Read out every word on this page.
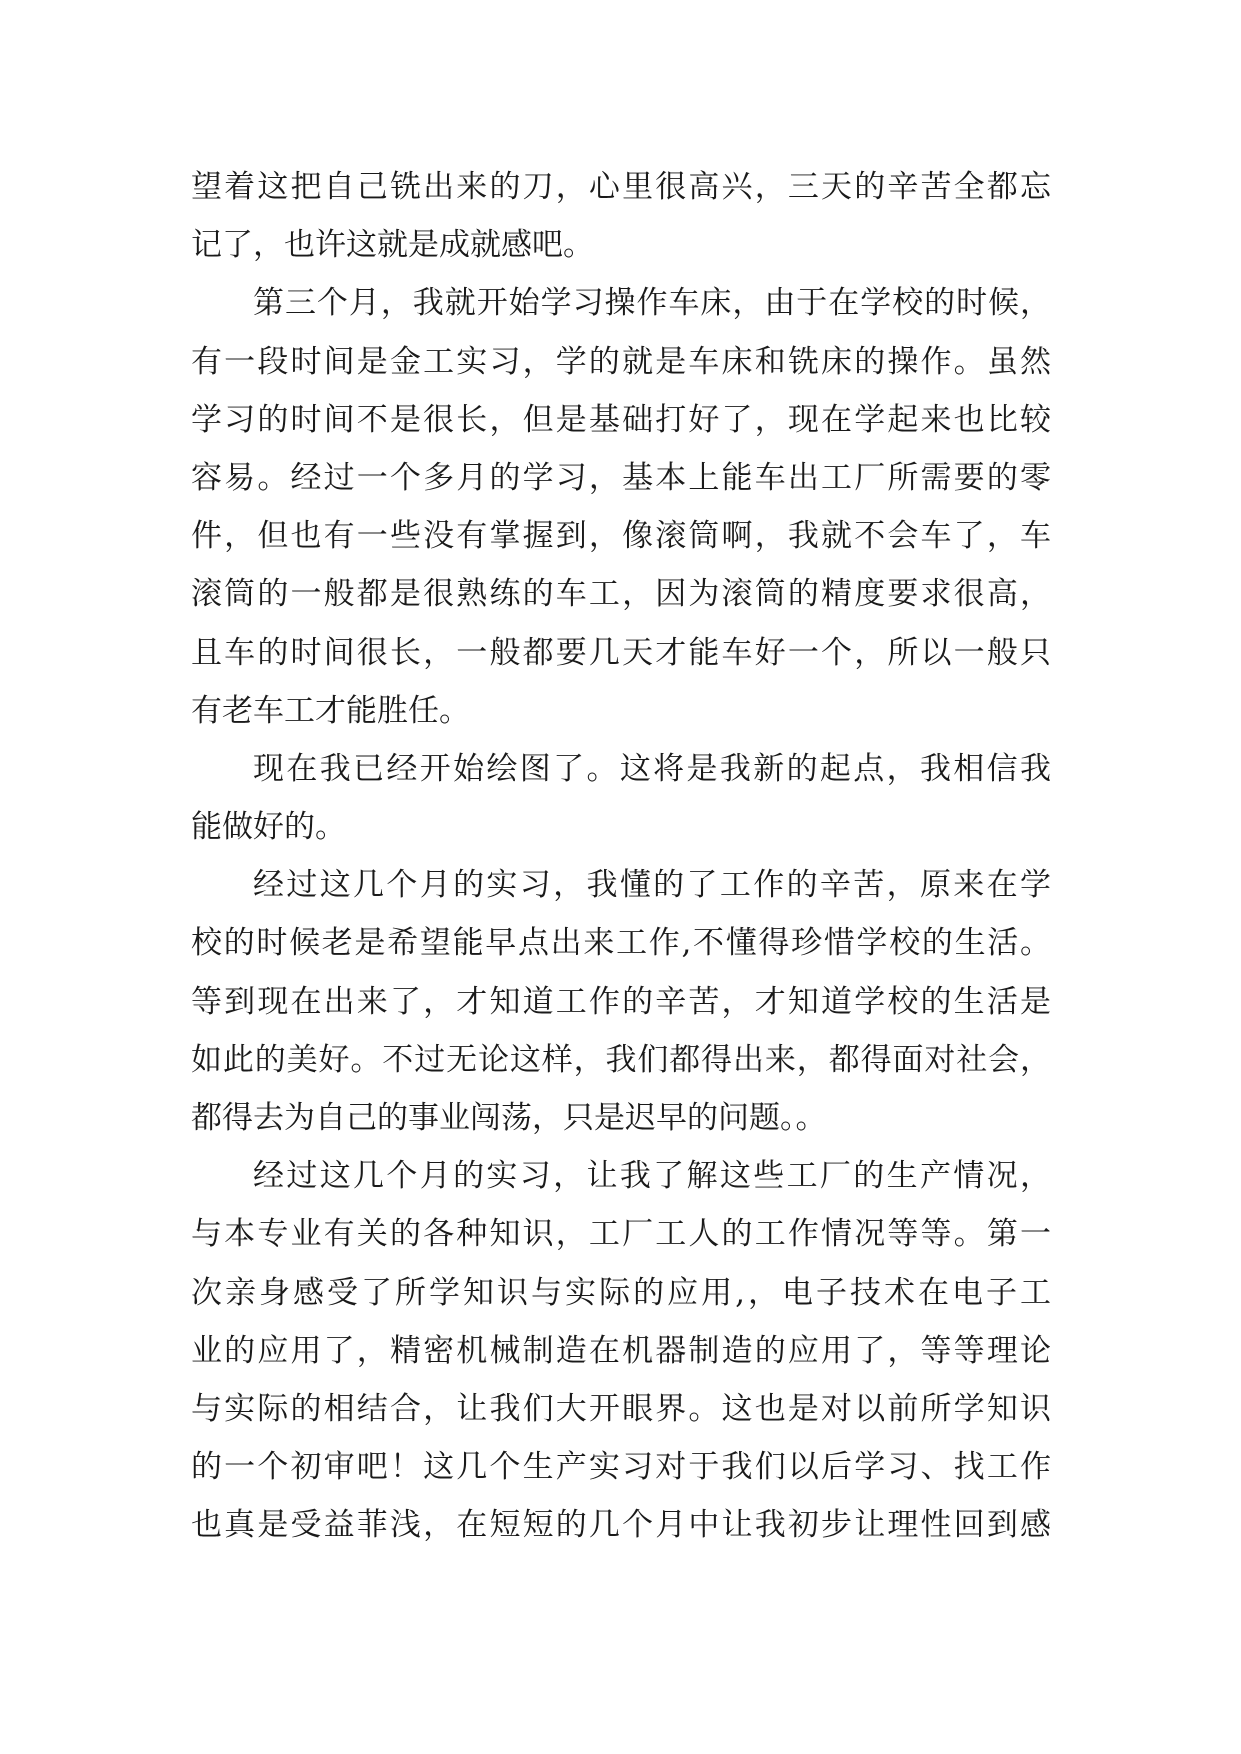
望着这把自己铣出来的刀，心里很高兴，三天的辛苦全都忘
记了，也许这就是成就感吧。
第三个月，我就开始学习操作车床，由于在学校的时候，
有一段时间是金工实习，学的就是车床和铣床的操作。虽然
学习的时间不是很长，但是基础打好了，现在学起来也比较
容易。经过一个多月的学习，基本上能车出工厂所需要的零
件，但也有一些没有掌握到，像滚筒啊，我就不会车了，车
滚筒的一般都是很熟练的车工，因为滚筒的精度要求很高，
且车的时间很长，一般都要几天才能车好一个，所以一般只
有老车工才能胜任。
现在我已经开始绘图了。这将是我新的起点，我相信我
能做好的。
经过这几个月的实习，我懂的了工作的辛苦，原来在学
校的时候老是希望能早点出来工作,不懂得珍惜学校的生活。
等到现在出来了，才知道工作的辛苦，才知道学校的生活是
如此的美好。不过无论这样，我们都得出来，都得面对社会，
都得去为自己的事业闯荡，只是迟早的问题。。
经过这几个月的实习，让我了解这些工厂的生产情况，
与本专业有关的各种知识，工厂工人的工作情况等等。第一
次亲身感受了所学知识与实际的应用,，电子技术在电子工
业的应用了，精密机械制造在机器制造的应用了，等等理论
与实际的相结合，让我们大开眼界。这也是对以前所学知识
的一个初审吧！这几个生产实习对于我们以后学习、找工作
也真是受益菲浅，在短短的几个月中让我初步让理性回到感
